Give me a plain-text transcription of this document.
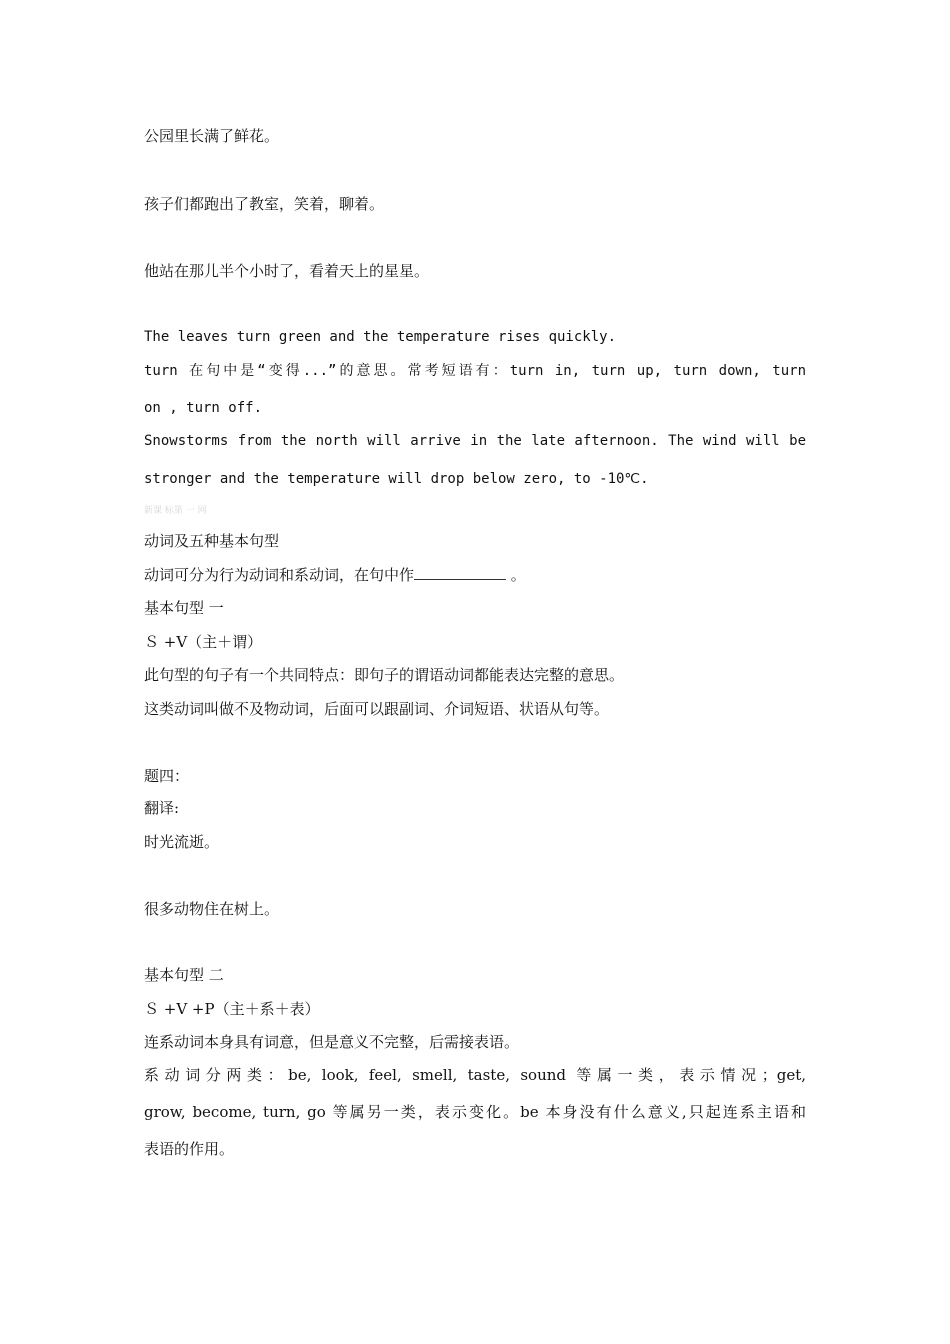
公园里长满了鲜花。
孩子们都跑出了教室，笑着，聊着。
他站在那儿半个小时了，看着天上的星星。
The leaves turn green and the temperature rises quickly.
turn 在句中是“变得...”的意思。常考短语有：turn in, turn up, turn down, turn
on , turn off.
Snowstorms from the north will arrive in the late afternoon. The wind will be
stronger and the temperature will drop below zero, to -10℃.
新课 标第 一 网
动词及五种基本句型
动词可分为行为动词和系动词，在句中作	。
基本句型 一
Ｓ +V（主＋谓）
此句型的句子有一个共同特点：即句子的谓语动词都能表达完整的意思。
这类动词叫做不及物动词，后面可以跟副词、介词短语、状语从句等。
题四：
翻译:
时光流逝。
很多动物住在树上。
基本句型 二
Ｓ +V +P（主＋系＋表）
连系动词本身具有词意，但是意义不完整，后需接表语。
系动词分两类：be, look, feel, smell, taste, sound 等属一类，表示情况；get,
grow, become, turn, go 等属另一类，表示变化。be 本身没有什么意义,只起连系主语和
表语的作用。
